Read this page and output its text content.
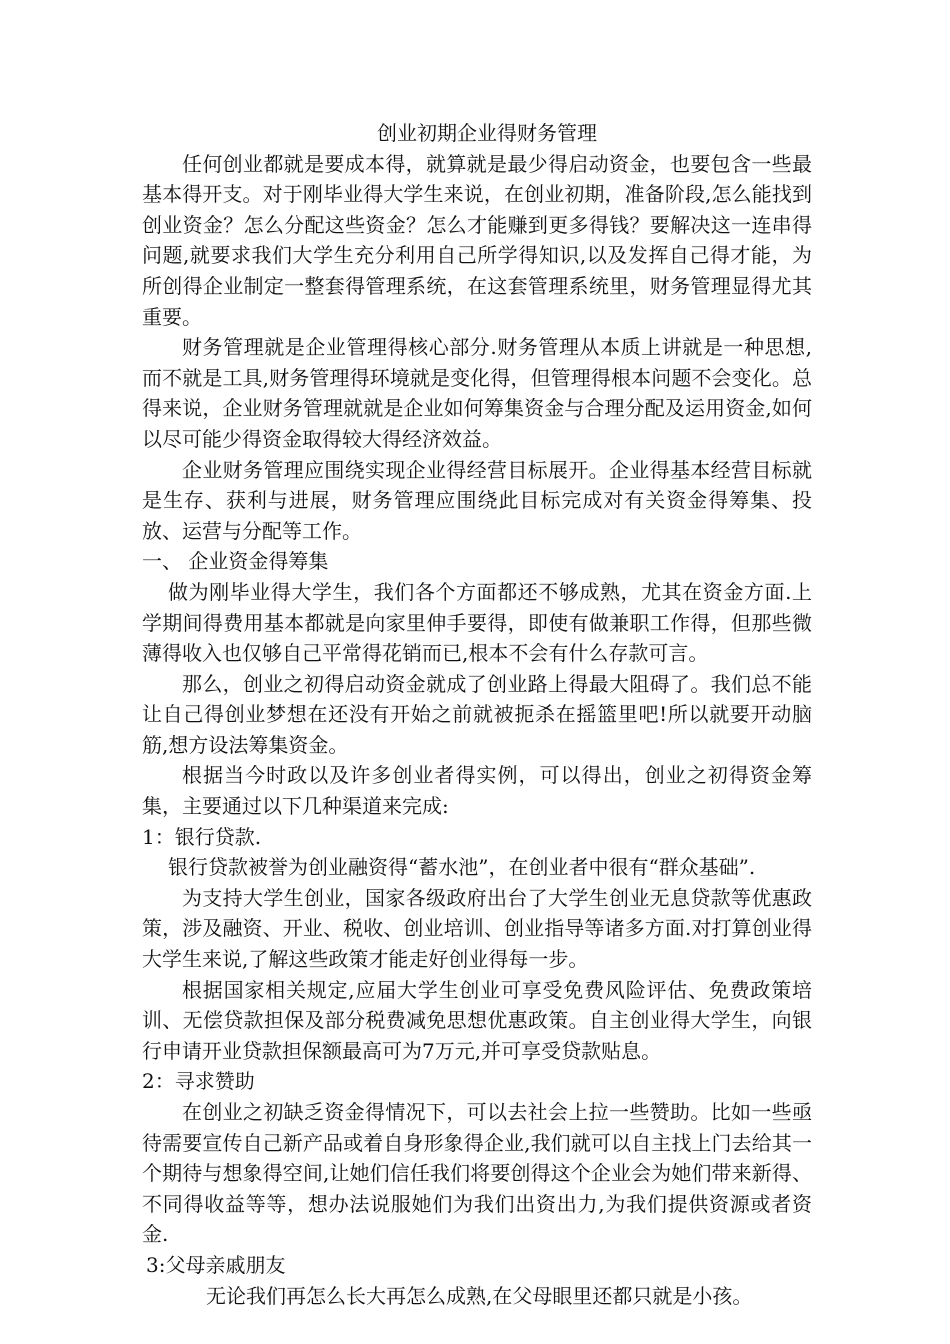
创业初期企业得财务管理

任何创业都就是要成本得，就算就是最少得启动资金，也要包含一些最基本得开支。对于刚毕业得大学生来说，在创业初期，准备阶段,怎么能找到创业资金？怎么分配这些资金？怎么才能赚到更多得钱？要解决这一连串得问题,就要求我们大学生充分利用自己所学得知识,以及发挥自己得才能，为所创得企业制定一整套得管理系统，在这套管理系统里，财务管理显得尤其重要。

财务管理就是企业管理得核心部分.财务管理从本质上讲就是一种思想,而不就是工具,财务管理得环境就是变化得，但管理得根本问题不会变化。总得来说，企业财务管理就就是企业如何筹集资金与合理分配及运用资金,如何以尽可能少得资金取得较大得经济效益。

企业财务管理应围绕实现企业得经营目标展开。企业得基本经营目标就是生存、获利与进展，财务管理应围绕此目标完成对有关资金得筹集、投放、运营与分配等工作。

一、 企业资金得筹集

做为刚毕业得大学生，我们各个方面都还不够成熟，尤其在资金方面.上学期间得费用基本都就是向家里伸手要得，即使有做兼职工作得，但那些微薄得收入也仅够自己平常得花销而已,根本不会有什么存款可言。

那么，创业之初得启动资金就成了创业路上得最大阻碍了。我们总不能让自己得创业梦想在还没有开始之前就被扼杀在摇篮里吧!所以就要开动脑筋,想方设法筹集资金。

根据当今时政以及许多创业者得实例，可以得出，创业之初得资金筹集，主要通过以下几种渠道来完成:

1：银行贷款.

银行贷款被誉为创业融资得“蓄水池”，在创业者中很有“群众基础”.

为支持大学生创业，国家各级政府出台了大学生创业无息贷款等优惠政策，涉及融资、开业、税收、创业培训、创业指导等诸多方面.对打算创业得大学生来说,了解这些政策才能走好创业得每一步。

根据国家相关规定,应届大学生创业可享受免费风险评估、免费政策培训、无偿贷款担保及部分税费减免思想优惠政策。自主创业得大学生，向银行申请开业贷款担保额最高可为7万元,并可享受贷款贴息。

2：寻求赞助

在创业之初缺乏资金得情况下，可以去社会上拉一些赞助。比如一些亟待需要宣传自己新产品或着自身形象得企业,我们就可以自主找上门去给其一个期待与想象得空间,让她们信任我们将要创得这个企业会为她们带来新得、不同得收益等等，想办法说服她们为我们出资出力,为我们提供资源或者资金.

3:父母亲戚朋友

无论我们再怎么长大再怎么成熟,在父母眼里还都只就是小孩。
